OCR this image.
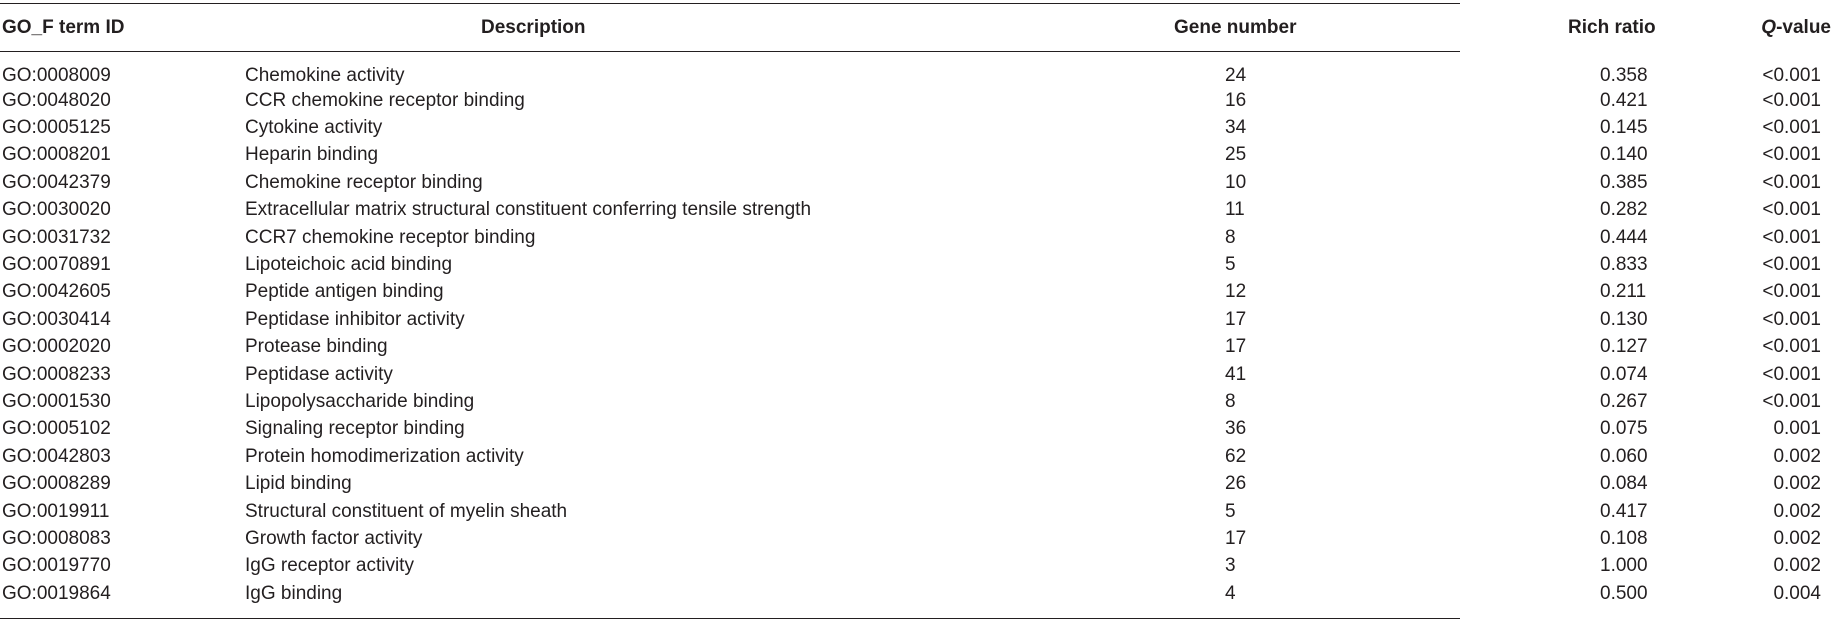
GO_F term ID	Description	Gene number	Rich ratio	Q-value
GO:0008009	Chemokine activity	24	0.358	<0.001
GO:0048020	CCR chemokine receptor binding	16	0.421	<0.001
GO:0005125	Cytokine activity	34	0.145	<0.001
GO:0008201	Heparin binding	25	0.140	<0.001
GO:0042379	Chemokine receptor binding	10	0.385	<0.001
GO:0030020	Extracellular matrix structural constituent conferring tensile strength	11	0.282	<0.001
GO:0031732	CCR7 chemokine receptor binding	8	0.444	<0.001
GO:0070891	Lipoteichoic acid binding	5	0.833	<0.001
GO:0042605	Peptide antigen binding	12	0.211	<0.001
GO:0030414	Peptidase inhibitor activity	17	0.130	<0.001
GO:0002020	Protease binding	17	0.127	<0.001
GO:0008233	Peptidase activity	41	0.074	<0.001
GO:0001530	Lipopolysaccharide binding	8	0.267	<0.001
GO:0005102	Signaling receptor binding	36	0.075	0.001
GO:0042803	Protein homodimerization activity	62	0.060	0.002
GO:0008289	Lipid binding	26	0.084	0.002
GO:0019911	Structural constituent of myelin sheath	5	0.417	0.002
GO:0008083	Growth factor activity	17	0.108	0.002
GO:0019770	IgG receptor activity	3	1.000	0.002
GO:0019864	IgG binding	4	0.500	0.004
